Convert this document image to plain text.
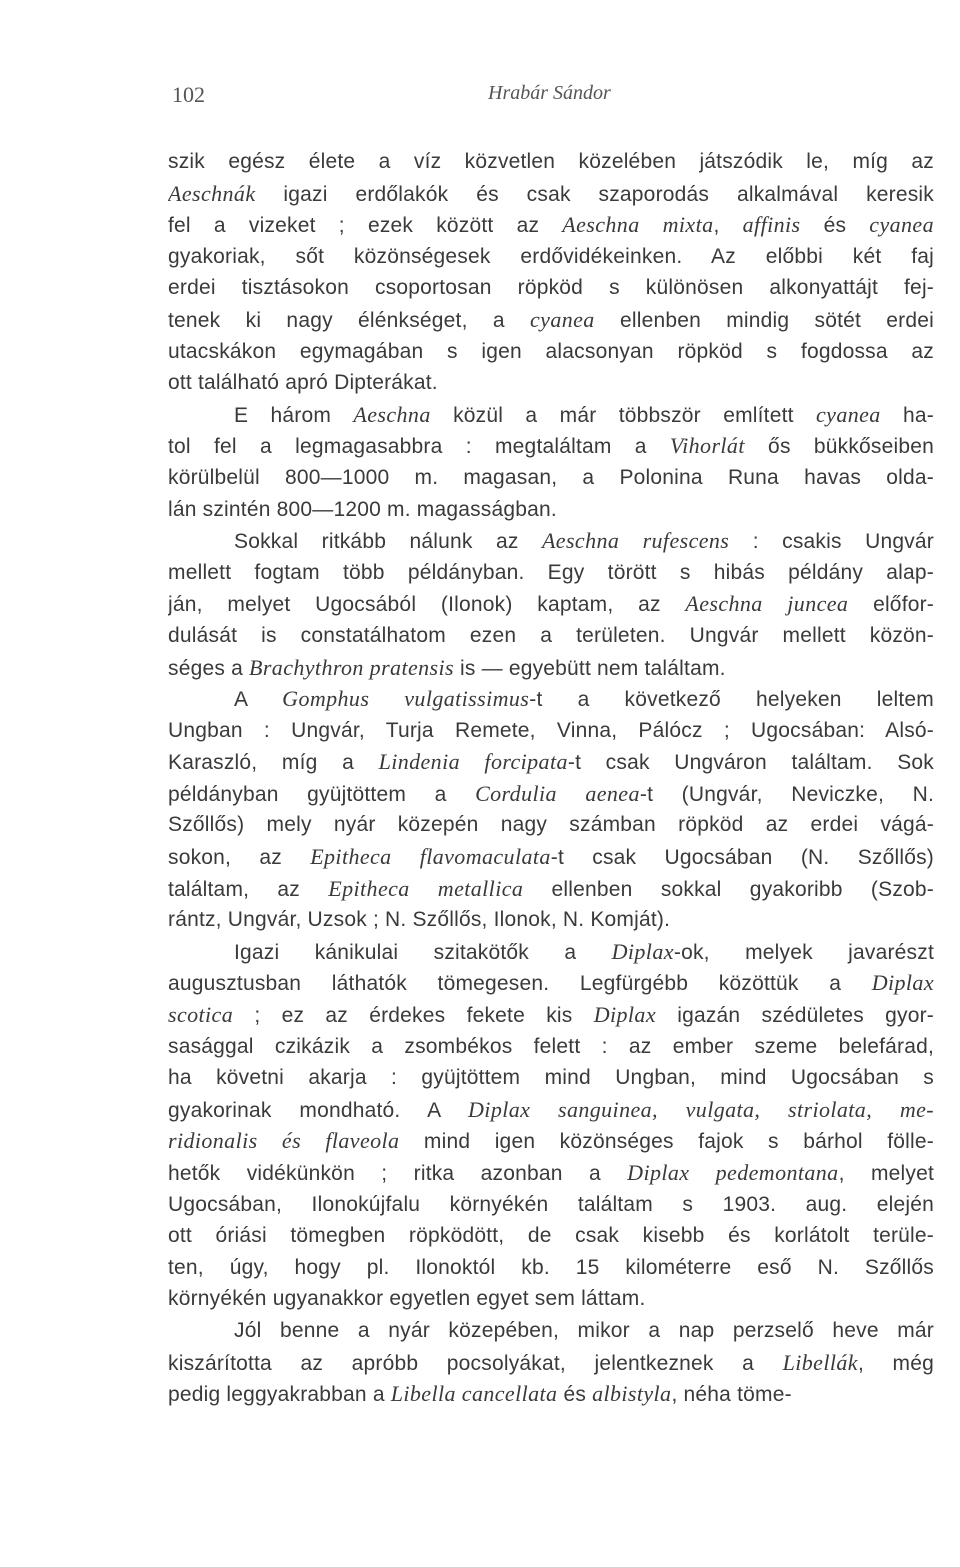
102	Hrabár Sándor
szik egész élete a víz közvetlen közelében játszódik le, míg az
Aeschnák igazi erdőlakók és csak szaporodás alkalmával keresik
fel a vizeket ; ezek között az Aeschna mixta, affinis és cyanea
gyakoriak, sőt közönségesek erdővidékeinken. Az előbbi két faj
erdei tisztásokon csoportosan röpköd s különösen alkonyattájt fej-
tenek ki nagy élénkséget, a cyanea ellenben mindig sötét erdei
utacskákon egymagában s igen alacsonyan röpköd s fogdossa az
ott található apró Dipterákat.
E három Aeschna közül a már többször említett cyanea ha-
tol fel a legmagasabbra : megtaláltam a Vihorlát ős bükkőseiben
körülbelül 800—1000 m. magasan, a Polonina Runa havas olda-
lán szintén 800—1200 m. magasságban.
Sokkal ritkább nálunk az Aeschna rufescens : csakis Ungvár
mellett fogtam több példányban. Egy törött s hibás példány alap-
ján, melyet Ugocsából (Ilonok) kaptam, az Aeschna juncea előfor-
dulását is constatálhatom ezen a területen. Ungvár mellett közön-
séges a Brachythron pratensis is — egyebütt nem találtam.
A Gomphus vulgatissimus-t a következő helyeken leltem
Ungban : Ungvár, Turja Remete, Vinna, Pálócz ; Ugocsában: Alsó-
Karaszló, míg a Lindenia forcipata-t csak Ungváron találtam. Sok
példányban gyüjtöttem a Cordulia aenea-t (Ungvár, Neviczke, N.
Szőllős) mely nyár közepén nagy számban röpköd az erdei vágá-
sokon, az Epitheca flavomaculata-t csak Ugocsában (N. Szőllős)
találtam, az Epitheca metallica ellenben sokkal gyakoribb (Szob-
rántz, Ungvár, Uzsok ; N. Szőllős, Ilonok, N. Komját).
Igazi kánikulai szitakötők a Diplax-ok, melyek javarészt
augusztusban láthatók tömegesen. Legfürgébb közöttük a Diplax
scotica ; ez az érdekes fekete kis Diplax igazán szédületes gyor-
sasággal czikázik a zsombékos felett : az ember szeme belefárad,
ha követni akarja : gyüjtöttem mind Ungban, mind Ugocsában s
gyakorinak mondható. A Diplax sanguinea, vulgata, striolata, me-
ridionalis és flaveola mind igen közönséges fajok s bárhol fölle-
hetők vidékünkön ; ritka azonban a Diplax pedemontana, melyet
Ugocsában, Ilonokújfalu környékén találtam s 1903. aug. elején
ott óriási tömegben röpködött, de csak kisebb és korlátolt terüle-
ten, úgy, hogy pl. Ilonoktól kb. 15 kilométerre eső N. Szőllős
környékén ugyanakkor egyetlen egyet sem láttam.
Jól benne a nyár közepében, mikor a nap perzselő heve már
kiszárította az apróbb pocsolyákat, jelentkeznek a Libellák, még
pedig leggyakrabban a Libella cancellata és albistyla, néha töme-
